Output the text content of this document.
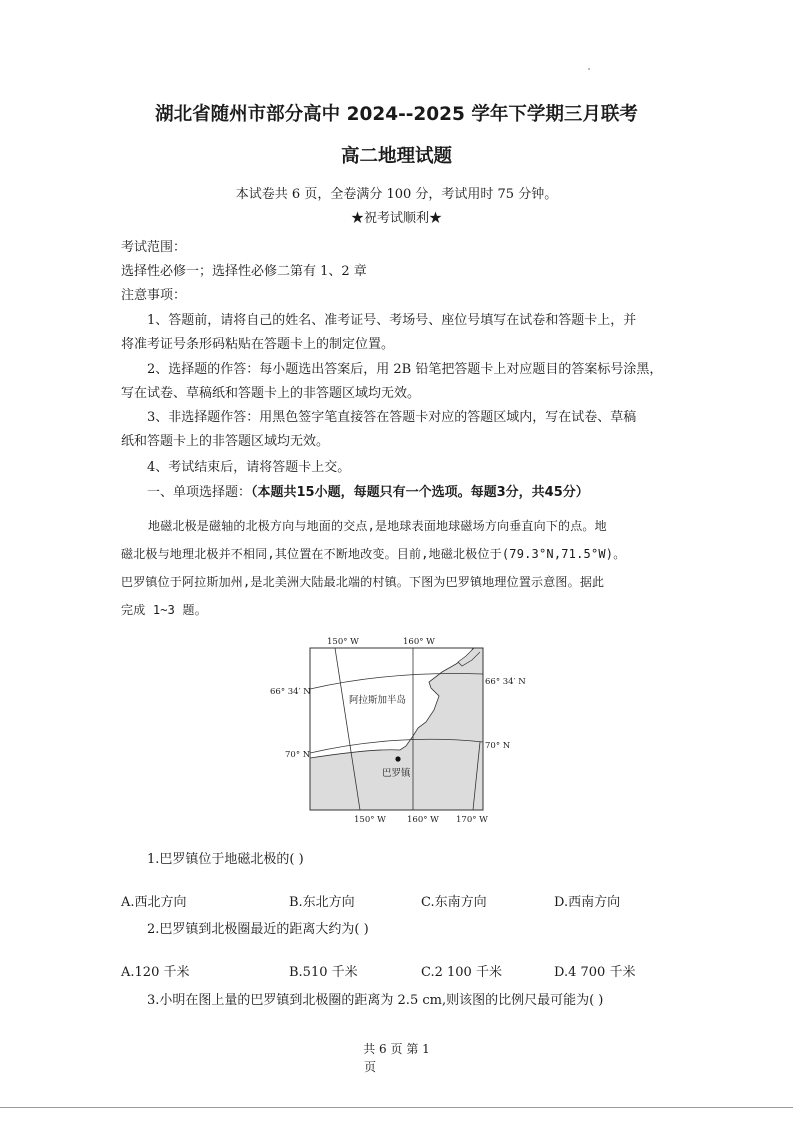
湖北省随州市部分高中 2024--2025 学年下学期三月联考
高二地理试题
本试卷共 6 页，全卷满分 100 分，考试用时 75 分钟。
★祝考试顺利★
考试范围：
选择性必修一；选择性必修二第有 1、2 章
注意事项：
1、答题前，请将自己的姓名、准考证号、考场号、座位号填写在试卷和答题卡上，并
将准考证号条形码粘贴在答题卡上的制定位置。
2、选择题的作答：每小题选出答案后，用 2B 铅笔把答题卡上对应题目的答案标号涂黑，
写在试卷、草稿纸和答题卡上的非答题区域均无效。
3、非选择题作答：用黑色签字笔直接答在答题卡对应的答题区域内，写在试卷、草稿
纸和答题卡上的非答题区域均无效。
4、考试结束后，请将答题卡上交。
一、单项选择题：（本题共15小题，每题只有一个选项。每题3分，共45分）
地磁北极是磁轴的北极方向与地面的交点,是地球表面地球磁场方向垂直向下的点。地
磁北极与地理北极并不相同,其位置在不断地改变。目前,地磁北极位于(79.3°N,71.5°W)。
巴罗镇位于阿拉斯加州,是北美洲大陆最北端的村镇。下图为巴罗镇地理位置示意图。据此
完成 1~3 题。
150° W	160° W
150° W 160° W 170° W
66° 34′ N
66° 34′ N
70° N
70° N
阿拉斯加半岛
巴罗镇
1.巴罗镇位于地磁北极的( )
A.西北方向	B.东北方向	C.东南方向	D.西南方向
2.巴罗镇到北极圈最近的距离大约为( )
A.120 千米	B.510 千米	C.2 100 千米	D.4 700 千米
3.小明在图上量的巴罗镇到北极圈的距离为 2.5 cm,则该图的比例尺最可能为( )
共 6 页 第 1
页
